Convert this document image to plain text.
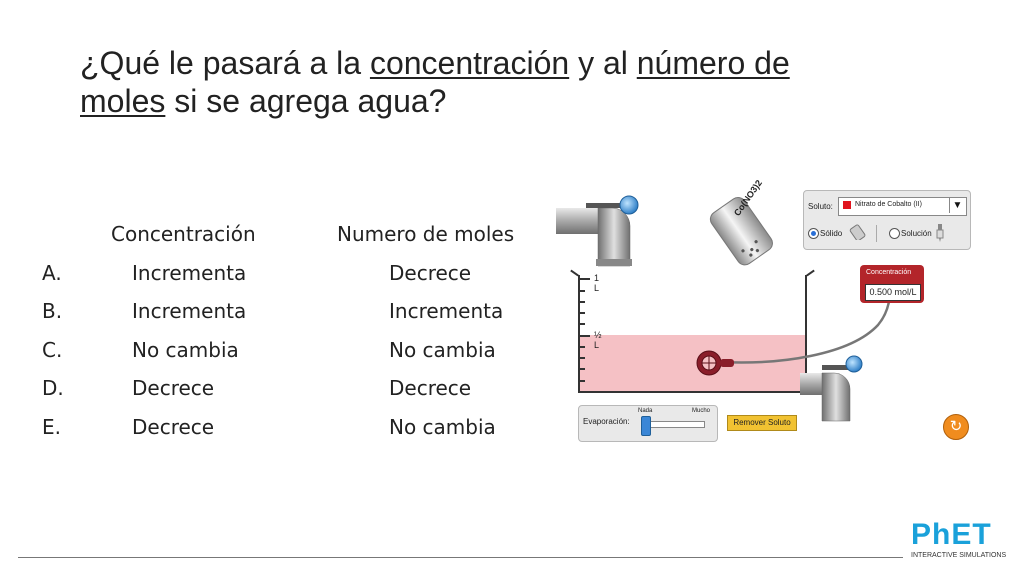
¿Qué le pasará a la concentración y al número de
moles si se agrega agua?
Concentración	Numero de moles
A.	Incrementa	Decrece
B.	Incrementa	Incrementa
C.	No cambia	No cambia
D.	Decrece	Decrece
E.	Decrece	No cambia
Co(NO3)2	Soluto:	Nitrato de Cobalto (II)	▼
Sólido	Solución
1 L
½ L
Concentración
0.500 mol/L
Evaporación:
Nada	Mucho
Remover Soluto	↻
PhET
INTERACTIVE SIMULATIONS
